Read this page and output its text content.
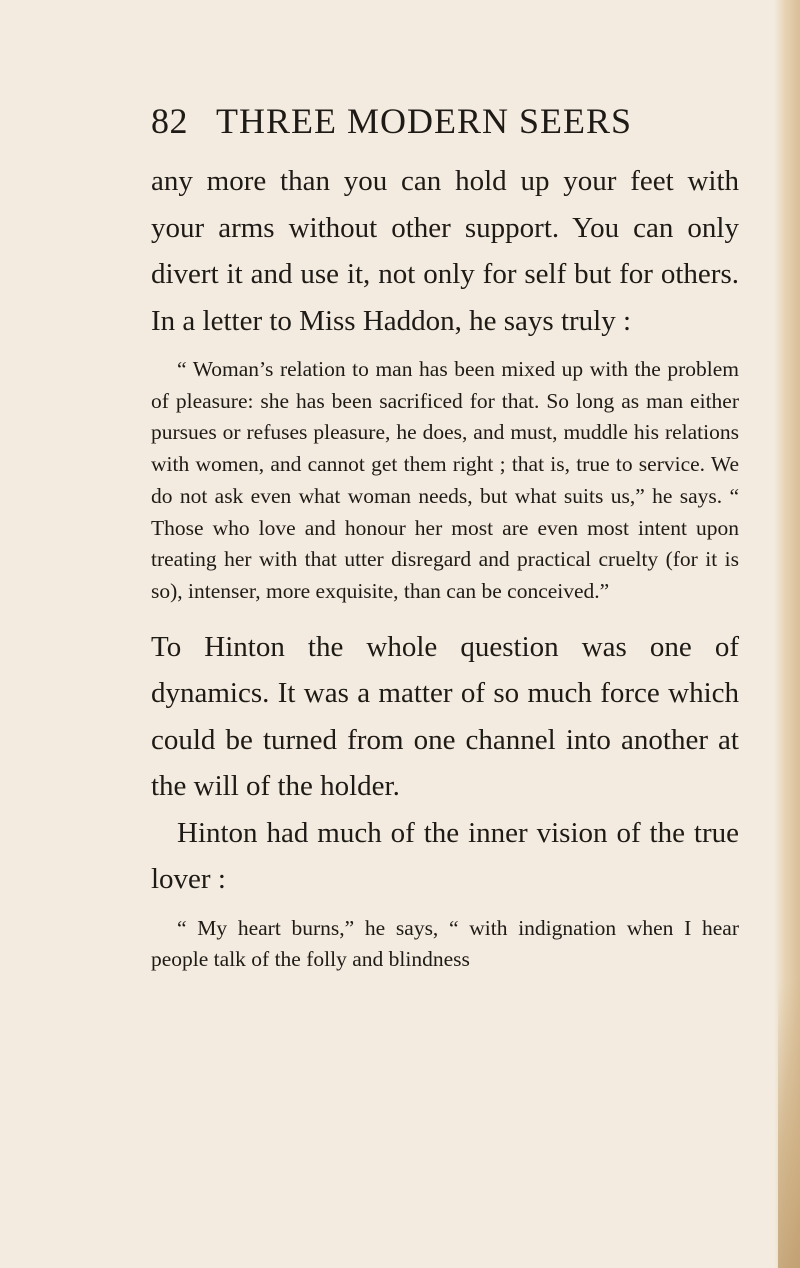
82 THREE MODERN SEERS

any more than you can hold up your feet with your arms without other support. You can only divert it and use it, not only for self but for others. In a letter to Miss Haddon, he says truly :

“ Woman’s relation to man has been mixed up with the problem of pleasure: she has been sacrificed for that. So long as man either pursues or refuses pleasure, he does, and must, muddle his relations with women, and cannot get them right ; that is, true to service. We do not ask even what woman needs, but what suits us,” he says. “ Those who love and honour her most are even most intent upon treating her with that utter disregard and practical cruelty (for it is so), intenser, more exquisite, than can be conceived.”

To Hinton the whole question was one of dynamics. It was a matter of so much force which could be turned from one channel into another at the will of the holder.

Hinton had much of the inner vision of the true lover :

“ My heart burns,” he says, “ with indignation when I hear people talk of the folly and blindness
